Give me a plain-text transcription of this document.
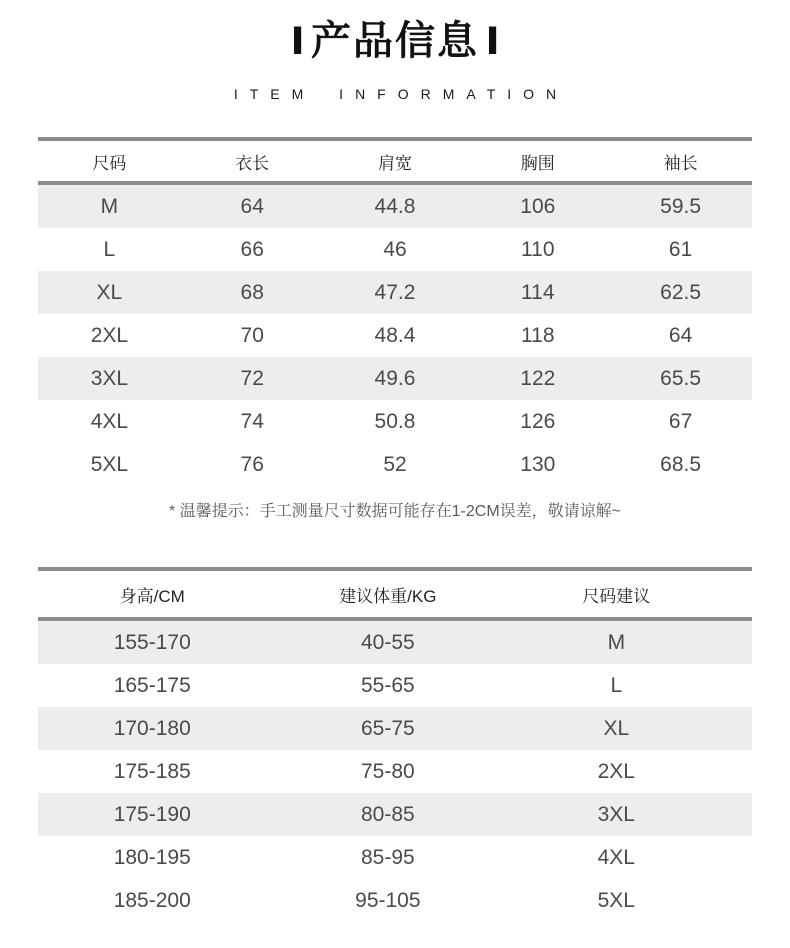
I 产品信息 I
ITEM INFORMATION
尺码	衣长	肩宽	胸围	袖长
M	64	44.8	106	59.5
L	66	46	110	61
XL	68	47.2	114	62.5
2XL	70	48.4	118	64
3XL	72	49.6	122	65.5
4XL	74	50.8	126	67
5XL	76	52	130	68.5
* 温馨提示：手工测量尺寸数据可能存在1-2CM误差，敬请谅解~
身高/CM	建议体重/KG	尺码建议
155-170	40-55	M
165-175	55-65	L
170-180	65-75	XL
175-185	75-80	2XL
175-190	80-85	3XL
180-195	85-95	4XL
185-200	95-105	5XL
